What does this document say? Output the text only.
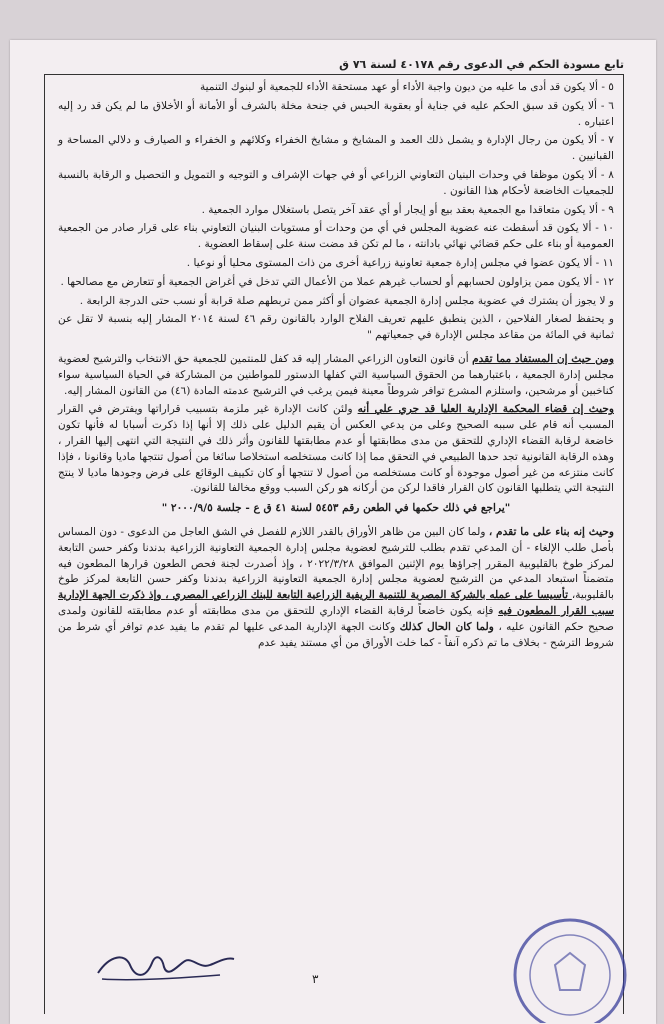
تابع مسودة الحكم في الدعوى رقم ٤٠١٧٨ لسنة ٧٦ ق

٥ - ألا يكون قد أدى ما عليه من ديون واجبة الأداء أو عهد مستحقة الأداء للجمعية أو لبنوك التنمية

٦ - ألا يكون قد سبق الحكم عليه في جناية أو بعقوبة الحبس في جنحة مخلة بالشرف أو الأمانة أو الأخلاق ما لم يكن قد رد إليه اعتباره .

٧ - ألا يكون من رجال الإدارة و يشمل ذلك العمد و المشايخ و مشايخ الخفراء وكلائهم و الخفراء و الصيارف و دلالي المساحة و القبانيين .

٨ - ألا يكون موظفا في وحدات البنيان التعاوني الزراعي أو في جهات الإشراف و التوجيه و التمويل و التحصيل و الرقابة بالنسبة للجمعيات الخاضعة لأحكام هذا القانون .

٩ - ألا يكون متعاقدا مع الجمعية بعقد بيع أو إيجار أو أي عقد آخر يتصل باستغلال موارد الجمعية .

١٠ - ألا يكون قد أسقطت عنه عضوية المجلس في أي من وحدات أو مستويات البنيان التعاوني بناء على قرار صادر من الجمعية العمومية أو بناء على حكم قضائي نهائي بادانته ، ما لم تكن قد مضت سنة على إسقاط العضوية .

١١ - ألا يكون عضوا في مجلس إدارة جمعية تعاونية زراعية أخرى من ذات المستوى محليا أو نوعيا .

١٢ - ألا يكون ممن يزاولون لحسابهم أو لحساب غيرهم عملا من الأعمال التي تدخل في أغراض الجمعية أو تتعارض مع مصالحها .

و لا يجوز أن يشترك في عضوية مجلس إدارة الجمعية عضوان أو أكثر ممن تربطهم صلة قرابة أو نسب حتى الدرجة الرابعة .

و يحتفظ لصغار الفلاحين ، الذين ينطبق عليهم تعريف الفلاح الوارد بالقانون رقم ٤٦ لسنة ٢٠١٤ المشار إليه بنسبة لا تقل عن ثمانية في المائة من مقاعد مجلس الإدارة في جمعياتهم "

ومن حيث إن المستفاد مما تقدم أن قانون التعاون الزراعي المشار إليه قد كفل للمنتمين للجمعية حق الانتخاب والترشيح لعضوية مجلس إدارة الجمعية ، باعتبارهما من الحقوق السياسية التي كفلها الدستور للمواطنين من المشاركة في الحياة السياسية سواء كناخبين أو مرشحين، واستلزم المشرع توافر شروطاً معينة فيمن يرغب في الترشيح عدمته المادة (٤٦) من القانون المشار إليه.

وحيث إن قضاء المحكمة الإدارية العليا قد جري علي أنه ولئن كانت الإدارة غير ملزمة بتسبيب قراراتها ويفترض في القرار المسبب أنه قام على سببه الصحيح وعلى من يدعي العكس أن يقيم الدليل على ذلك إلا أنها إذا ذكرت أسبابا له فأنها تكون خاضعة لرقابة القضاء الإداري للتحقق من مدى مطابقتها أو عدم مطابقتها للقانون وأثر ذلك في النتيجة التي انتهى إليها القرار ، وهذه الرقابة القانونية تجد حدها الطبيعي في التحقق مما إذا كانت مستخلصه استخلاصا سائغا من أصول تنتجها ماديا وقانونا ، فإذا كانت منتزعه من غير أصول موجودة أو كانت مستخلصه من أصول لا تنتجها أو كان تكييف الوقائع على فرض وجودها ماديا لا ينتج النتيجة التي يتطلبها القانون كان القرار فاقدا لركن من أركانه هو ركن السبب ووقع مخالفا للقانون.

"يراجع في ذلك حكمها في الطعن رقم ٥٤٥٣ لسنة ٤١ ق ع - جلسة ٢٠٠٠/٩/٥ "

وحيث إنه بناء على ما تقدم ، ولما كان البين من ظاهر الأوراق بالقدر اللازم للفصل في الشق العاجل من الدعوى - دون المساس بأصل طلب الإلغاء - أن المدعي تقدم بطلب للترشيح لعضوية مجلس إدارة الجمعية التعاونية الزراعية بدندنا وكفر حسن التابعة لمركز طوخ بالقليوبية المقرر إجراؤها يوم الإثنين الموافق ٢٠٢٢/٣/٢٨ ، وإذ أصدرت لجنة فحص الطعون قرارها المطعون فيه متضمناً استبعاد المدعي من الترشيح لعضوية مجلس إدارة الجمعية التعاونية الزراعية بدندنا وكفر حسن التابعة لمركز طوخ بالقليوبية، تأسيسا على عمله بالشركة المصرية للتنمية الريفية الزراعية التابعة للبنك الزراعي المصري ، وإذ ذكرت الجهة الإدارية سبب القرار المطعون فيه فإنه يكون خاضعاً لرقابة القضاء الإداري للتحقق من مدى مطابقته أو عدم مطابقته للقانون ولمدى صحيح حكم القانون عليه ، ولما كان الحال كذلك وكانت الجهة الإدارية المدعى عليها لم تقدم ما يفيد عدم توافر أي شرط من شروط الترشح - بخلاف ما تم ذكره آنفاً - كما خلت الأوراق من أي مستند يفيد عدم

٣
